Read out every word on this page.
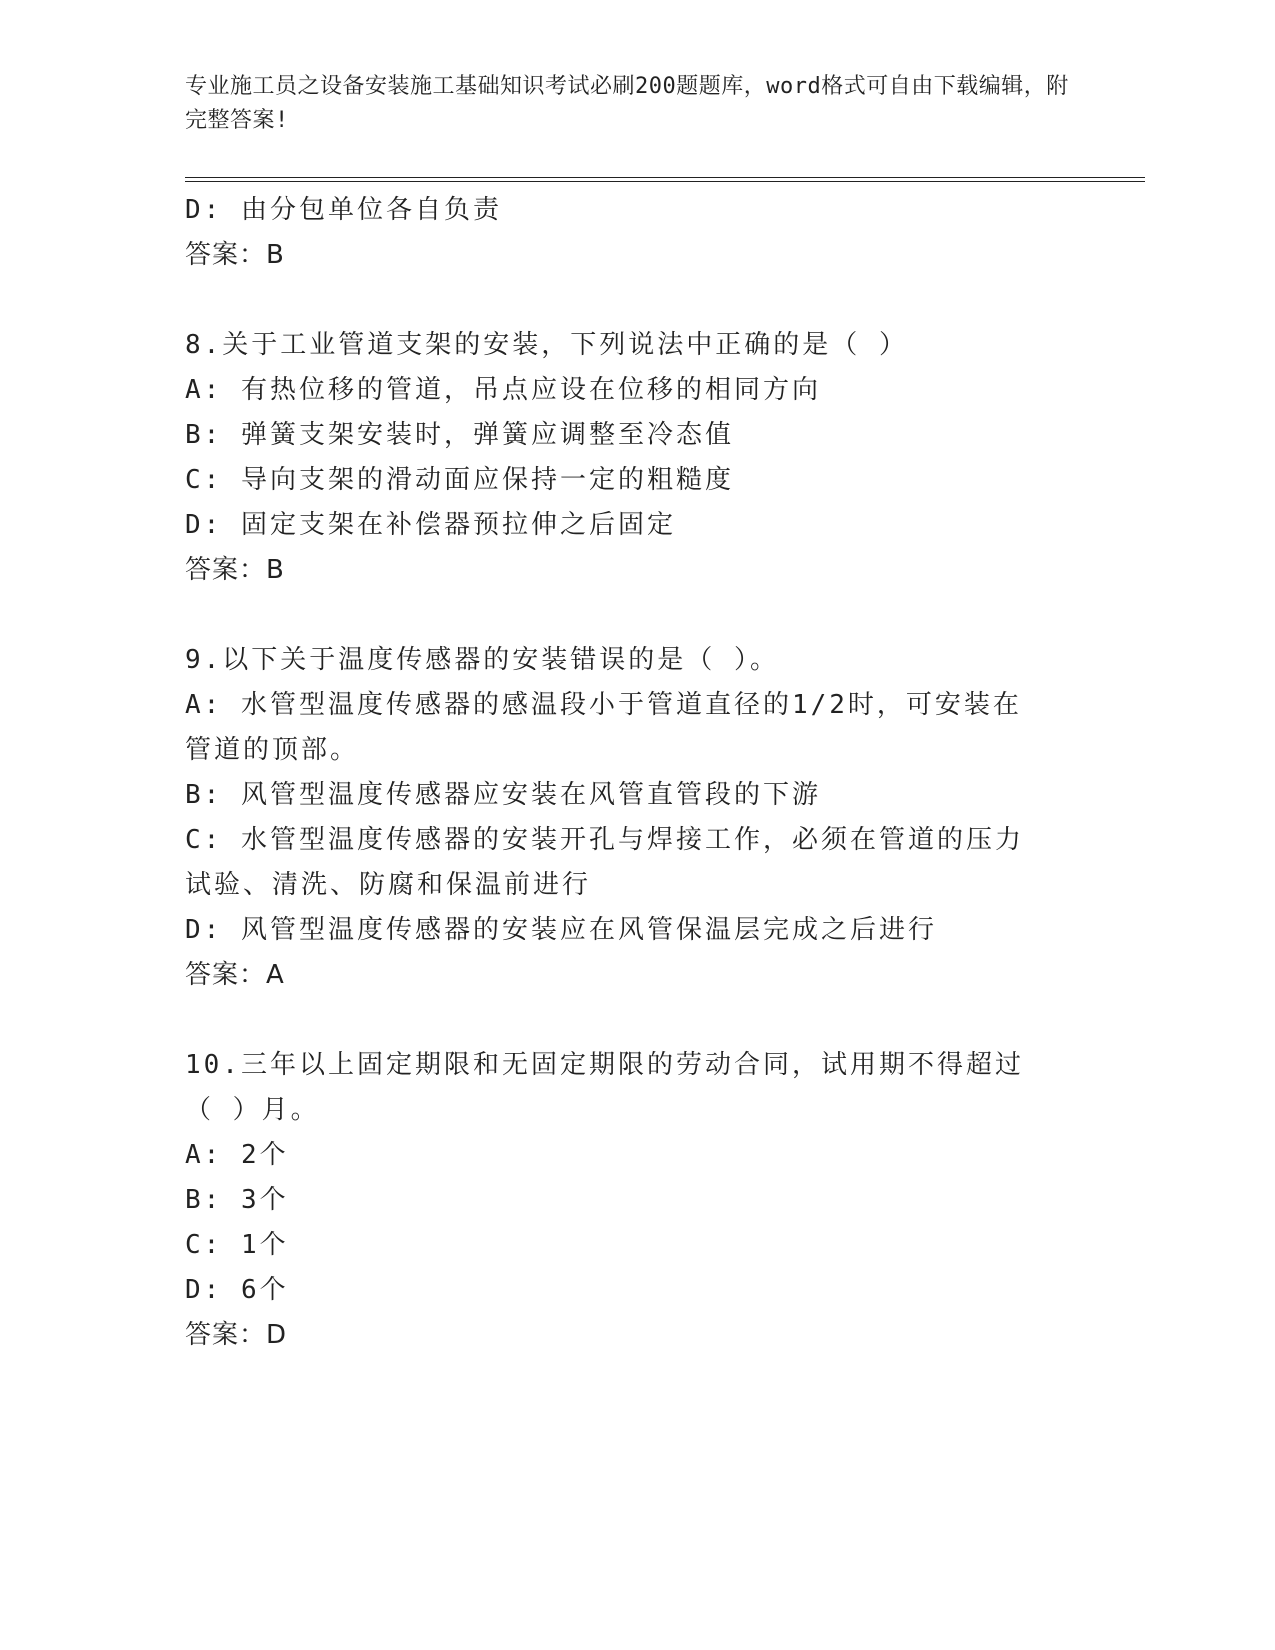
专业施工员之设备安装施工基础知识考试必刷200题题库，word格式可自由下载编辑，附完整答案!
D: 由分包单位各自负责
答案：B
8.关于工业管道支架的安装，下列说法中正确的是（ ）
A: 有热位移的管道，吊点应设在位移的相同方向
B: 弹簧支架安装时，弹簧应调整至冷态值
C: 导向支架的滑动面应保持一定的粗糙度
D: 固定支架在补偿器预拉伸之后固定
答案：B
9.以下关于温度传感器的安装错误的是（ ）。
A: 水管型温度传感器的感温段小于管道直径的1/2时，可安装在管道的顶部。
B: 风管型温度传感器应安装在风管直管段的下游
C: 水管型温度传感器的安装开孔与焊接工作，必须在管道的压力试验、清洗、防腐和保温前进行
D: 风管型温度传感器的安装应在风管保温层完成之后进行
答案：A
10.三年以上固定期限和无固定期限的劳动合同，试用期不得超过（ ）月。
A: 2个
B: 3个
C: 1个
D: 6个
答案：D
